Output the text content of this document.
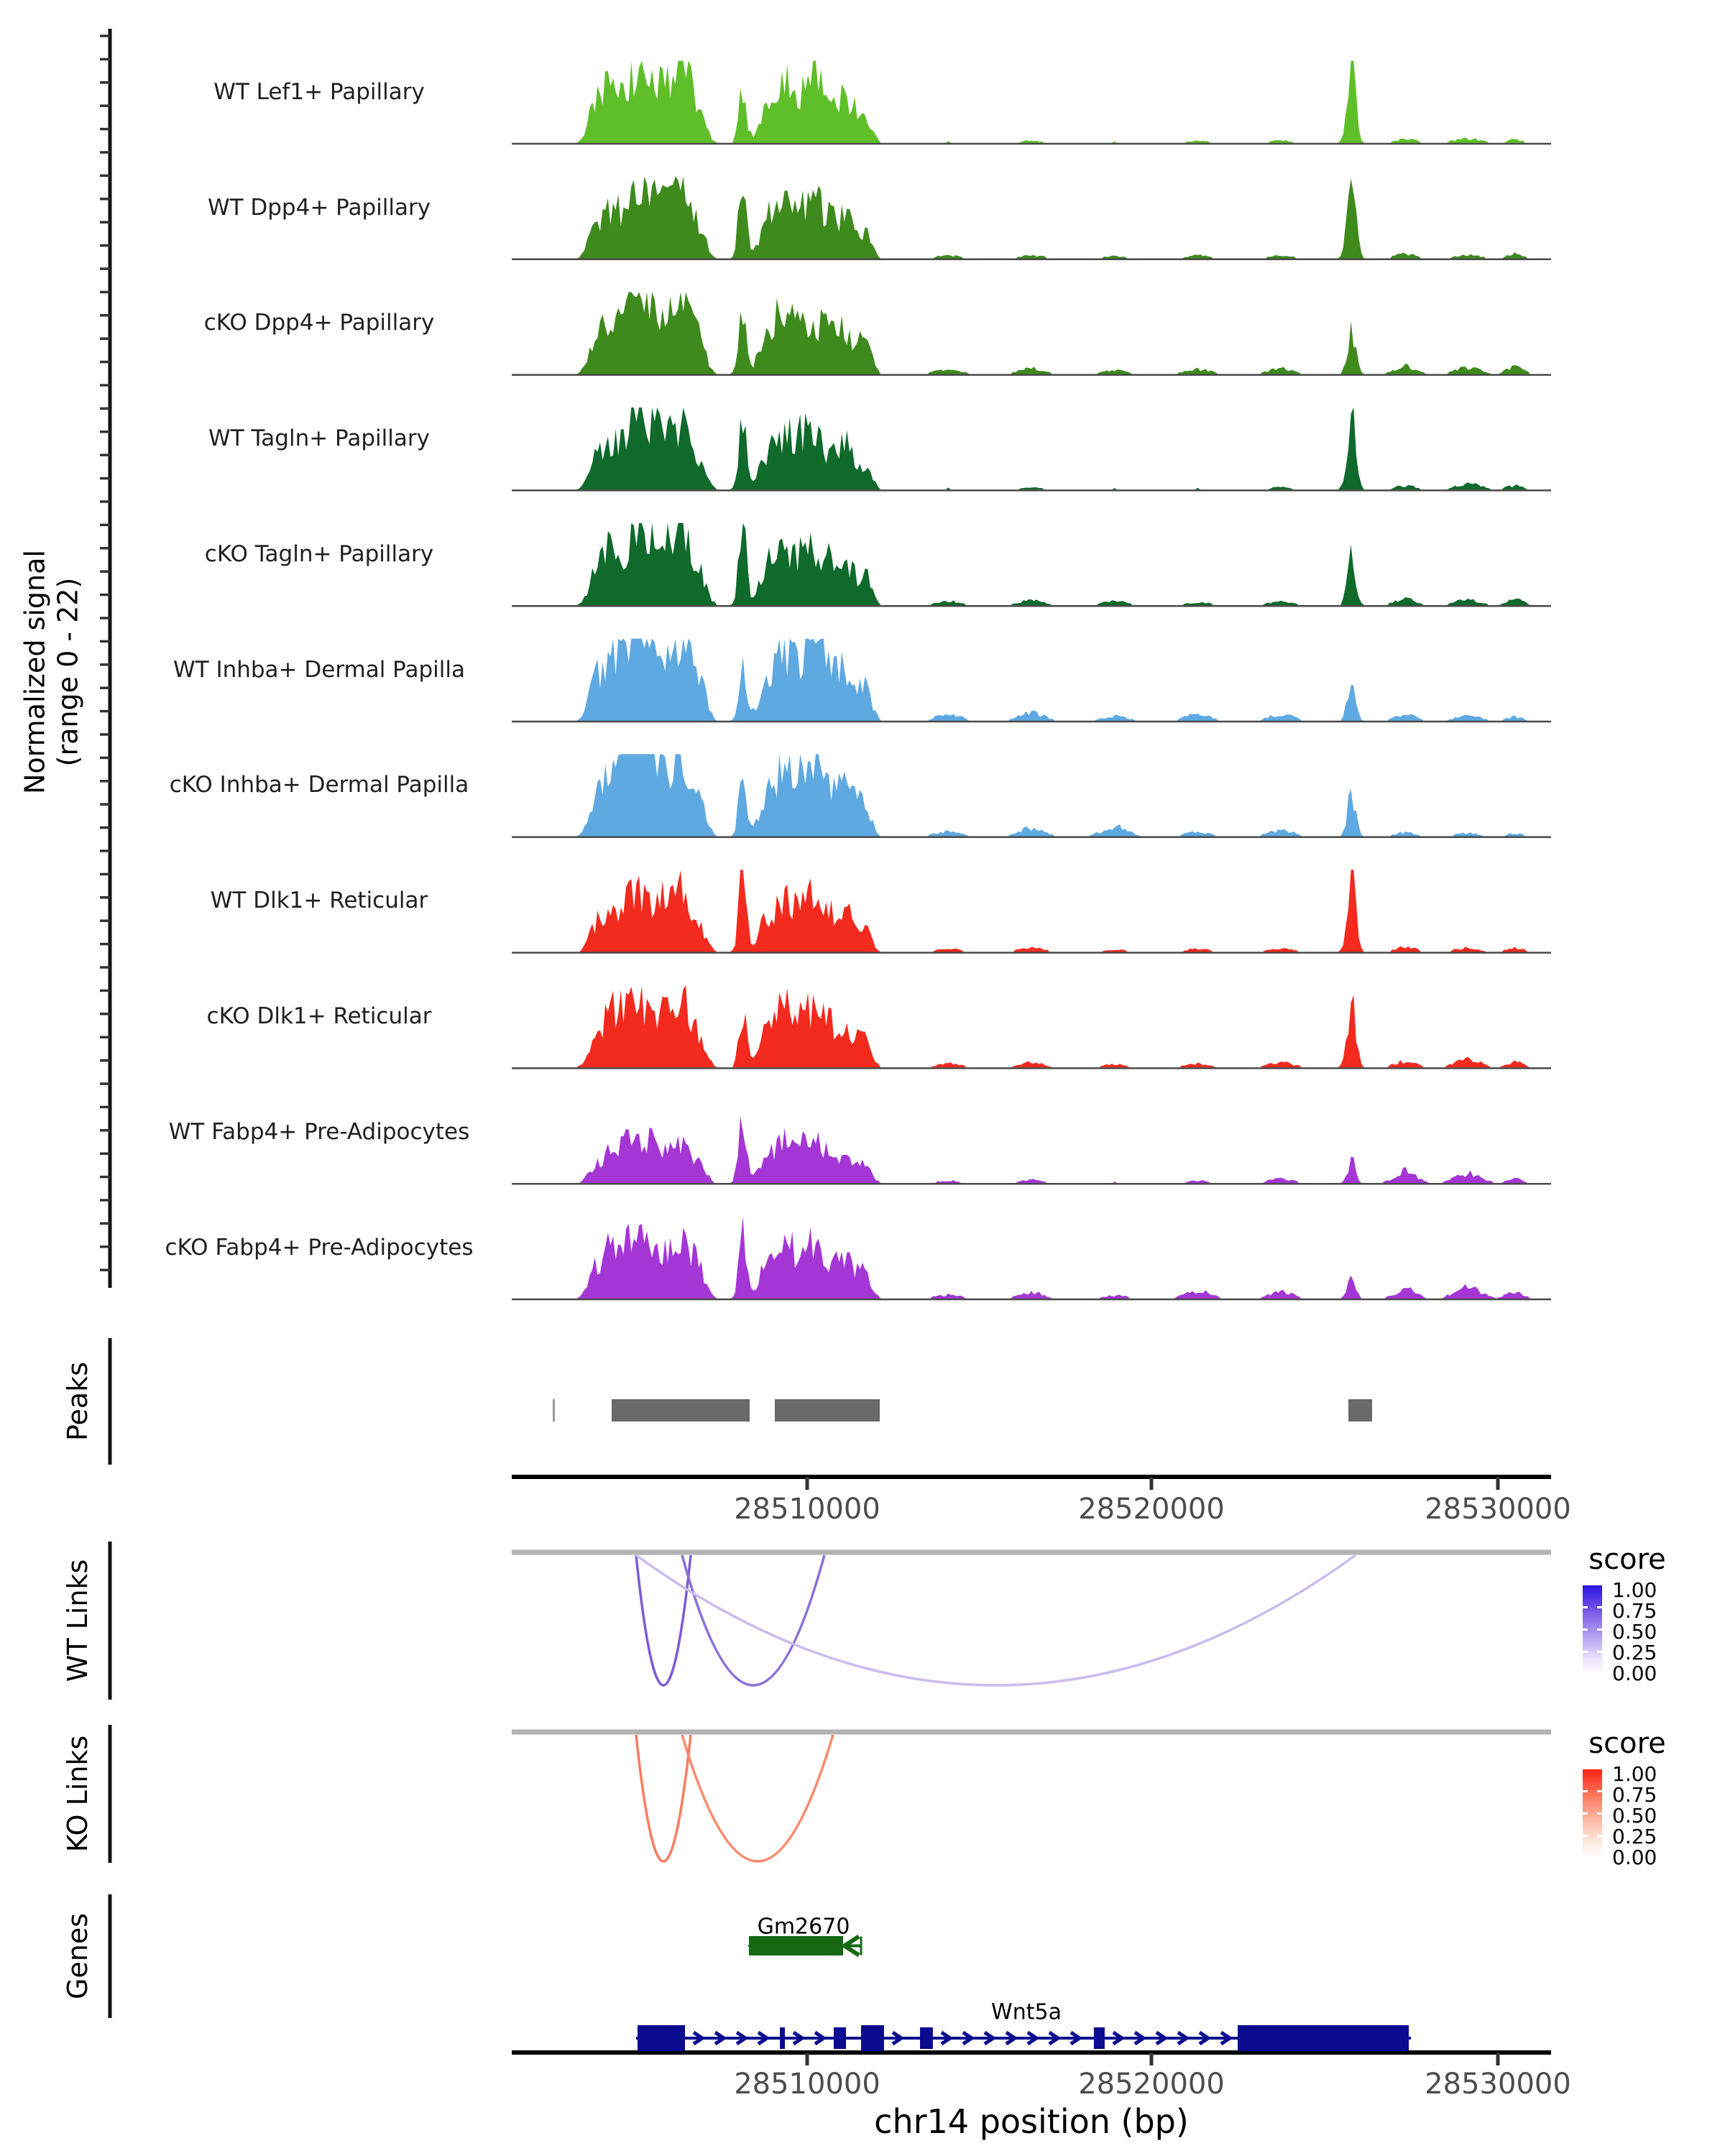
Normalized signal (range 0 - 22)
WT Lef1+ Papillary
WT Dpp4+ Papillary
cKO Dpp4+ Papillary
WT Tagln+ Papillary
cKO Tagln+ Papillary
WT Inhba+ Dermal Papilla
cKO Inhba+ Dermal Papilla
WT Dlk1+ Reticular
cKO Dlk1+ Reticular
WT Fabp4+ Pre-Adipocytes
cKO Fabp4+ Pre-Adipocytes
Peaks
WT Links
KO Links
Genes
28510000	28520000	28530000
score
1.00
0.75
0.50
0.25
0.00
score
1.00
0.75
0.50
0.25
0.00
Gm2670
Wnt5a
28510000	28520000	28530000
chr14 position (bp)
